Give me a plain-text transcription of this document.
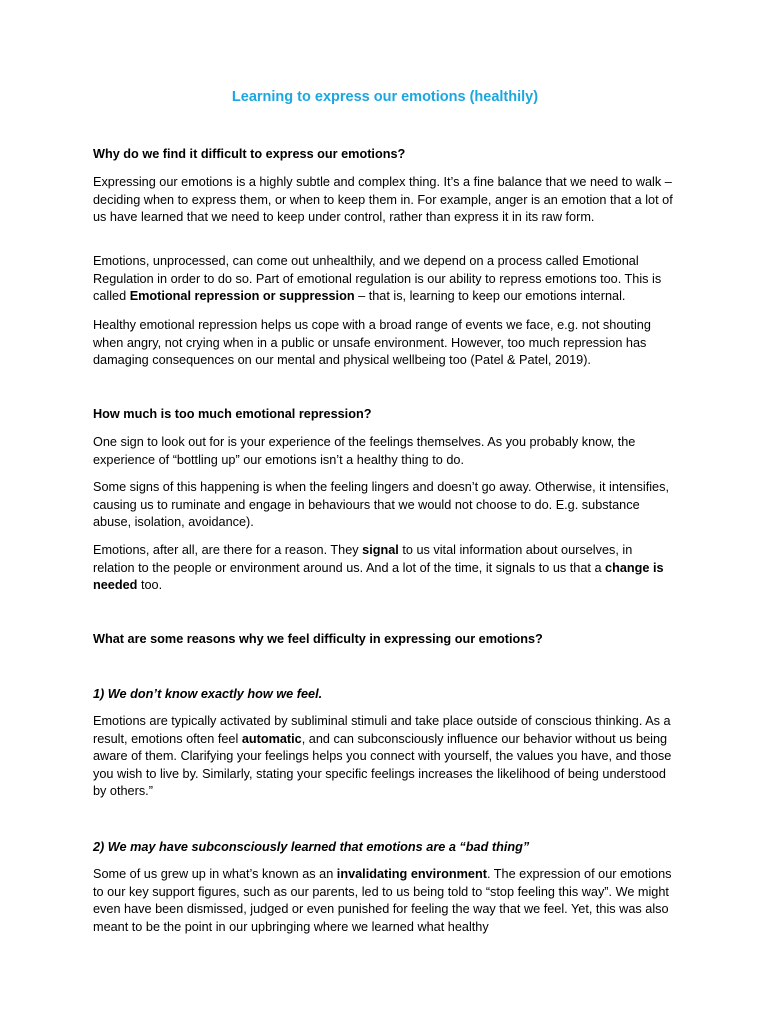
Learning to express our emotions (healthily)

Why do we find it difficult to express our emotions?

Expressing our emotions is a highly subtle and complex thing. It’s a fine balance that we need to walk – deciding when to express them, or when to keep them in. For example, anger is an emotion that a lot of us have learned that we need to keep under control, rather than express it in its raw form.

Emotions, unprocessed, can come out unhealthily, and we depend on a process called Emotional Regulation in order to do so. Part of emotional regulation is our ability to repress emotions too. This is called Emotional repression or suppression – that is, learning to keep our emotions internal.

Healthy emotional repression helps us cope with a broad range of events we face, e.g. not shouting when angry, not crying when in a public or unsafe environment. However, too much repression has damaging consequences on our mental and physical wellbeing too (Patel & Patel, 2019).

How much is too much emotional repression?

One sign to look out for is your experience of the feelings themselves. As you probably know, the experience of “bottling up” our emotions isn’t a healthy thing to do.

Some signs of this happening is when the feeling lingers and doesn’t go away. Otherwise, it intensifies, causing us to ruminate and engage in behaviours that we would not choose to do. E.g. substance abuse, isolation, avoidance).

Emotions, after all, are there for a reason. They signal to us vital information about ourselves, in relation to the people or environment around us. And a lot of the time, it signals to us that a change is needed too.

What are some reasons why we feel difficulty in expressing our emotions?

1) We don’t know exactly how we feel.

Emotions are typically activated by subliminal stimuli and take place outside of conscious thinking. As a result, emotions often feel automatic, and can subconsciously influence our behavior without us being aware of them. Clarifying your feelings helps you connect with yourself, the values you have, and those you wish to live by. Similarly, stating your specific feelings increases the likelihood of being understood by others.”

2) We may have subconsciously learned that emotions are a “bad thing”

Some of us grew up in what’s known as an invalidating environment. The expression of our emotions to our key support figures, such as our parents, led to us being told to “stop feeling this way”. We might even have been dismissed, judged or even punished for feeling the way that we feel. Yet, this was also meant to be the point in our upbringing where we learned what healthy
